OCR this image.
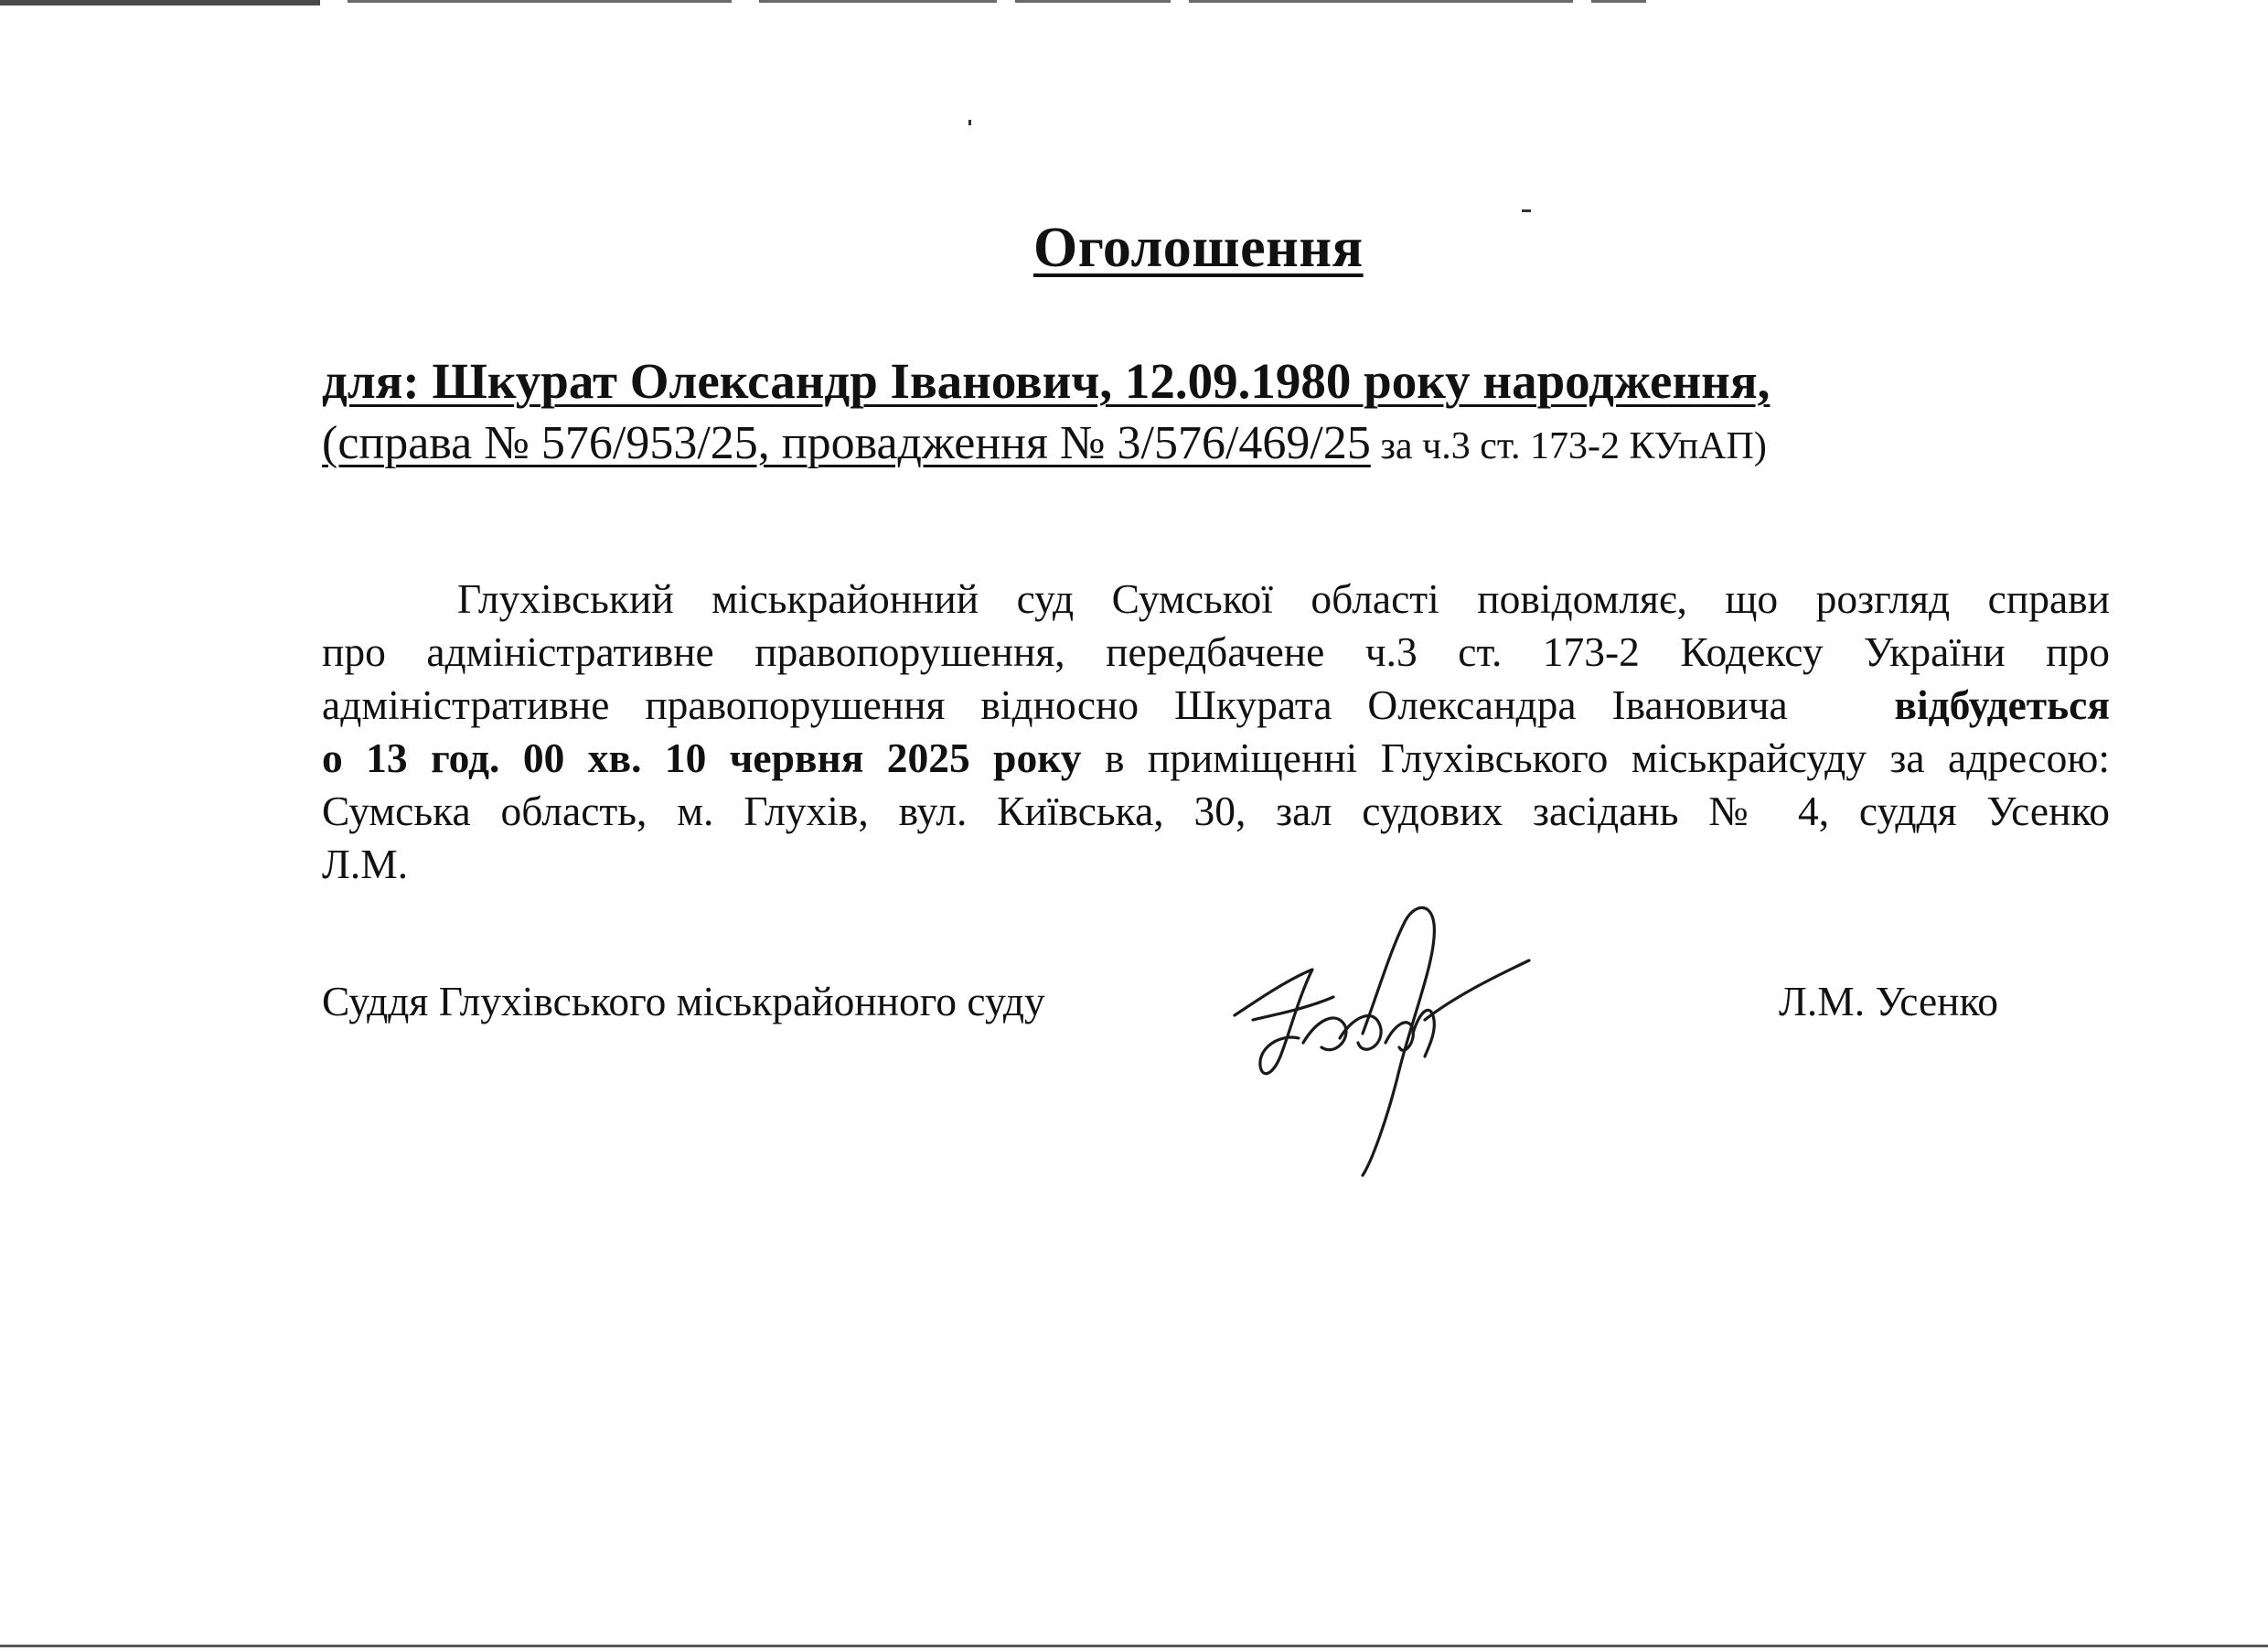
Оголошення
для: Шкурат Олександр Іванович, 12.09.1980 року народження,
(справа № 576/953/25, провадження № 3/576/469/25 за ч.3 ст. 173-2 КУпАП)
Глухівський міськрайонний суд Сумської області повідомляє, що розгляд справи
про адміністративне правопорушення, передбачене ч.3 ст. 173-2 Кодексу України про
адміністративне правопорушення відносно Шкурата Олександра Івановича	відбудеться
о 13 год. 00 хв. 10 червня 2025 року в приміщенні Глухівського міськрайсуду за адресою:
Сумська область, м. Глухів, вул. Київська, 30, зал судових засідань № 4, суддя Усенко
Л.М.
Суддя Глухівського міськрайонного суду	Л.М. Усенко
